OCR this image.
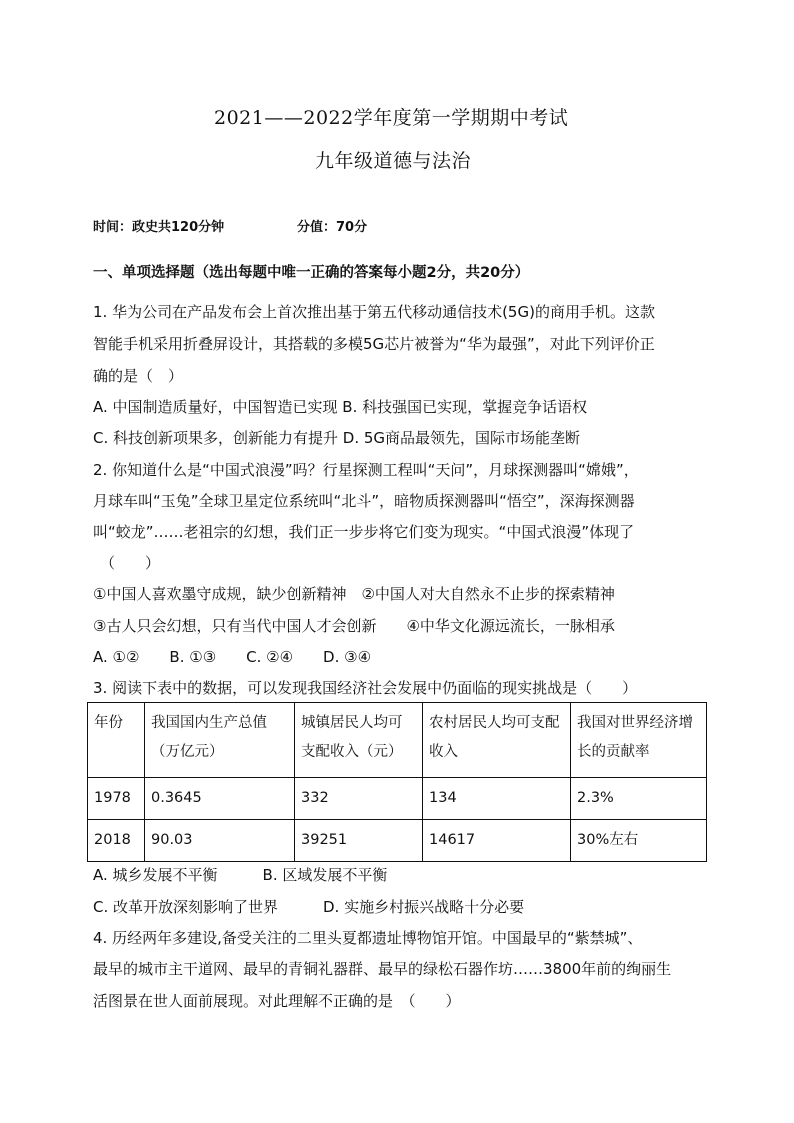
2021——2022学年度第一学期期中考试
九年级道德与法治
时间：政史共120分钟	分值：70分
一、单项选择题（选出每题中唯一正确的答案每小题2分，共20分）
1. 华为公司在产品发布会上首次推出基于第五代移动通信技术(5G)的商用手机。这款
智能手机采用折叠屏设计，其搭载的多模5G芯片被誉为“华为最强”，对此下列评价正
确的是（　）
A. 中国制造质量好，中国智造已实现 B. 科技强国已实现，掌握竞争话语权
C. 科技创新项果多，创新能力有提升 D. 5G商品最领先，国际市场能垄断
2. 你知道什么是“中国式浪漫”吗？行星探测工程叫“天问”，月球探测器叫“嫦娥”，
月球车叫“玉兔”全球卫星定位系统叫“北斗”，暗物质探测器叫“悟空”，深海探测器
叫“蛟龙”……老祖宗的幻想，我们正一步步将它们变为现实。“中国式浪漫”体现了
（　　）
①中国人喜欢墨守成规，缺少创新精神　②中国人对大自然永不止步的探索精神
③古人只会幻想，只有当代中国人才会创新　　④中华文化源远流长，一脉相承
A. ①②　　B. ①③　　C. ②④　　D. ③④
3. 阅读下表中的数据，可以发现我国经济社会发展中仍面临的现实挑战是（　　）
年份	我国国内生产总值（万亿元）	城镇居民人均可支配收入（元）	农村居民人均可支配收入	我国对世界经济增长的贡献率
1978	0.3645	332	134	2.3%
2018	90.03	39251	14617	30%左右
A. 城乡发展不平衡　　　B. 区域发展不平衡
C. 改革开放深刻影响了世界　　　D. 实施乡村振兴战略十分必要
4. 历经两年多建设,备受关注的二里头夏都遗址博物馆开馆。中国最早的“紫禁城”、
最早的城市主干道网、最早的青铜礼器群、最早的绿松石器作坊……3800年前的绚丽生
活图景在世人面前展现。对此理解不正确的是　（　　）
